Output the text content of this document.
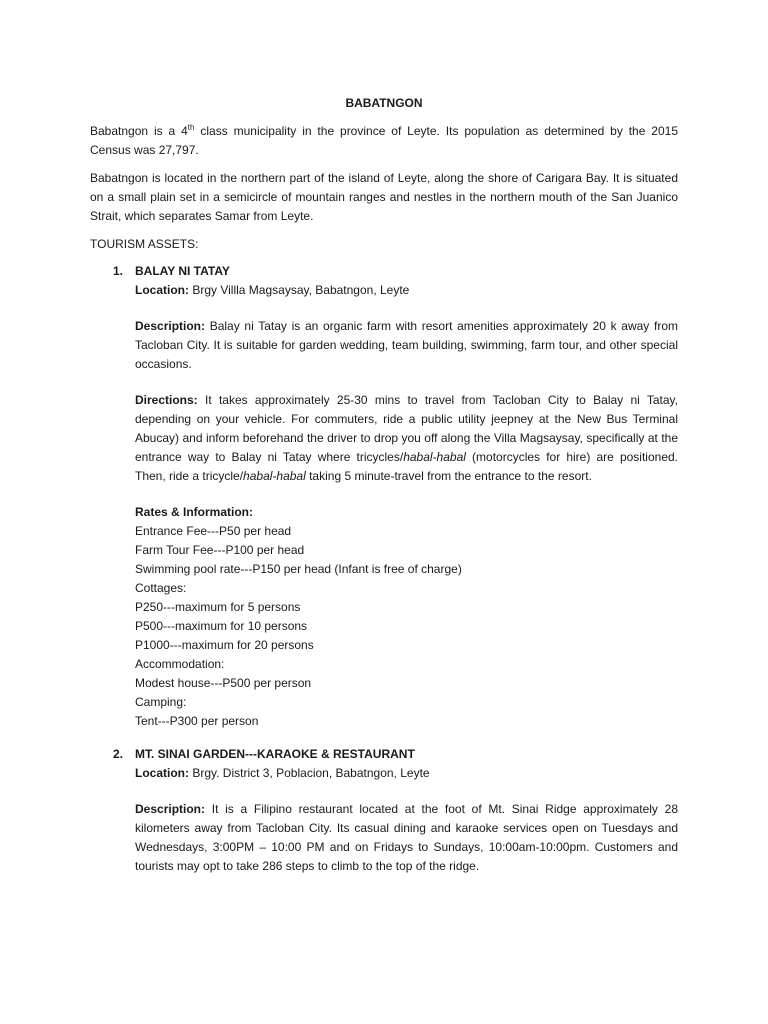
BABATNGON

Babatngon is a 4th class municipality in the province of Leyte. Its population as determined by the 2015 Census was 27,797.

Babatngon is located in the northern part of the island of Leyte, along the shore of Carigara Bay. It is situated on a small plain set in a semicircle of mountain ranges and nestles in the northern mouth of the San Juanico Strait, which separates Samar from Leyte.

TOURISM ASSETS:

1. BALAY NI TATAY
Location: Brgy Villla Magsaysay, Babatngon, Leyte
Description: Balay ni Tatay is an organic farm with resort amenities approximately 20 k away from Tacloban City. It is suitable for garden wedding, team building, swimming, farm tour, and other special occasions.
Directions: It takes approximately 25-30 mins to travel from Tacloban City to Balay ni Tatay, depending on your vehicle. For commuters, ride a public utility jeepney at the New Bus Terminal Abucay) and inform beforehand the driver to drop you off along the Villa Magsaysay, specifically at the entrance way to Balay ni Tatay where tricycles/habal-habal (motorcycles for hire) are positioned. Then, ride a tricycle/habal-habal taking 5 minute-travel from the entrance to the resort.
Rates & Information:
Entrance Fee---P50 per head
Farm Tour Fee---P100 per head
Swimming pool rate---P150 per head (Infant is free of charge)
Cottages:
P250---maximum for 5 persons
P500---maximum for 10 persons
P1000---maximum for 20 persons
Accommodation:
Modest house---P500 per person
Camping:
Tent---P300 per person
2. MT. SINAI GARDEN---KARAOKE & RESTAURANT
Location: Brgy. District 3, Poblacion, Babatngon, Leyte
Description: It is a Filipino restaurant located at the foot of Mt. Sinai Ridge approximately 28 kilometers away from Tacloban City. Its casual dining and karaoke services open on Tuesdays and Wednesdays, 3:00PM – 10:00 PM and on Fridays to Sundays, 10:00am-10:00pm. Customers and tourists may opt to take 286 steps to climb to the top of the ridge.
